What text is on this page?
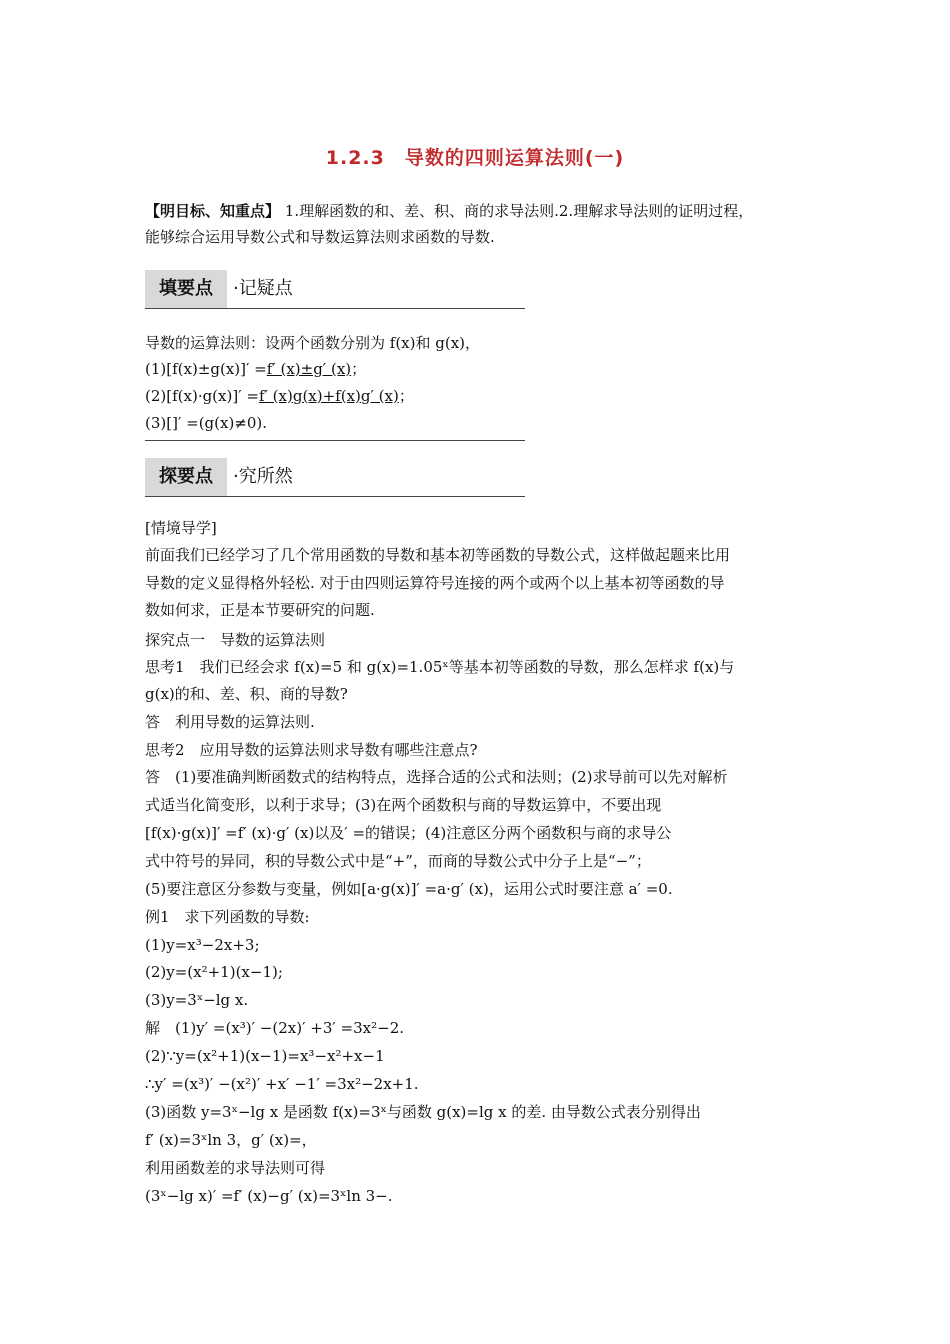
1.2.3　导数的四则运算法则(一)
【明目标、知重点】 1.理解函数的和、差、积、商的求导法则.2.理解求导法则的证明过程，
能够综合运用导数公式和导数运算法则求函数的导数.
填要点	·记疑点
导数的运算法则：设两个函数分别为 f(x)和 g(x)，
(1)[f(x)±g(x)]′ =f′ (x)±g′ (x)；
(2)[f(x)·g(x)]′ =f′ (x)g(x)+f(x)g′ (x)；
(3)[]′ =(g(x)≠0).
探要点	·究所然
[情境导学]
前面我们已经学习了几个常用函数的导数和基本初等函数的导数公式，这样做起题来比用
导数的定义显得格外轻松. 对于由四则运算符号连接的两个或两个以上基本初等函数的导
数如何求，正是本节要研究的问题.
探究点一　导数的运算法则
思考1　我们已经会求 f(x)=5 和 g(x)=1.05ˣ等基本初等函数的导数，那么怎样求 f(x)与
g(x)的和、差、积、商的导数?
答　利用导数的运算法则.
思考2　应用导数的运算法则求导数有哪些注意点?
答　(1)要准确判断函数式的结构特点，选择合适的公式和法则；(2)求导前可以先对解析
式适当化简变形，以利于求导；(3)在两个函数积与商的导数运算中，不要出现
[f(x)·g(x)]′ =f′ (x)·g′ (x)以及′ =的错误；(4)注意区分两个函数积与商的求导公
式中符号的异同，积的导数公式中是“+”，而商的导数公式中分子上是“−”；
(5)要注意区分参数与变量，例如[a·g(x)]′ =a·g′ (x)，运用公式时要注意 a′ =0.
例1　求下列函数的导数:
(1)y=x³−2x+3;
(2)y=(x²+1)(x−1);
(3)y=3ˣ−lg x.
解　(1)y′ =(x³)′ −(2x)′ +3′ =3x²−2.
(2)∵y=(x²+1)(x−1)=x³−x²+x−1
∴y′ =(x³)′ −(x²)′ +x′ −1′ =3x²−2x+1.
(3)函数 y=3ˣ−lg x 是函数 f(x)=3ˣ与函数 g(x)=lg x 的差. 由导数公式表分别得出
f′ (x)=3ˣln 3，g′ (x)=，
利用函数差的求导法则可得
(3ˣ−lg x)′ =f′ (x)−g′ (x)=3ˣln 3−.
